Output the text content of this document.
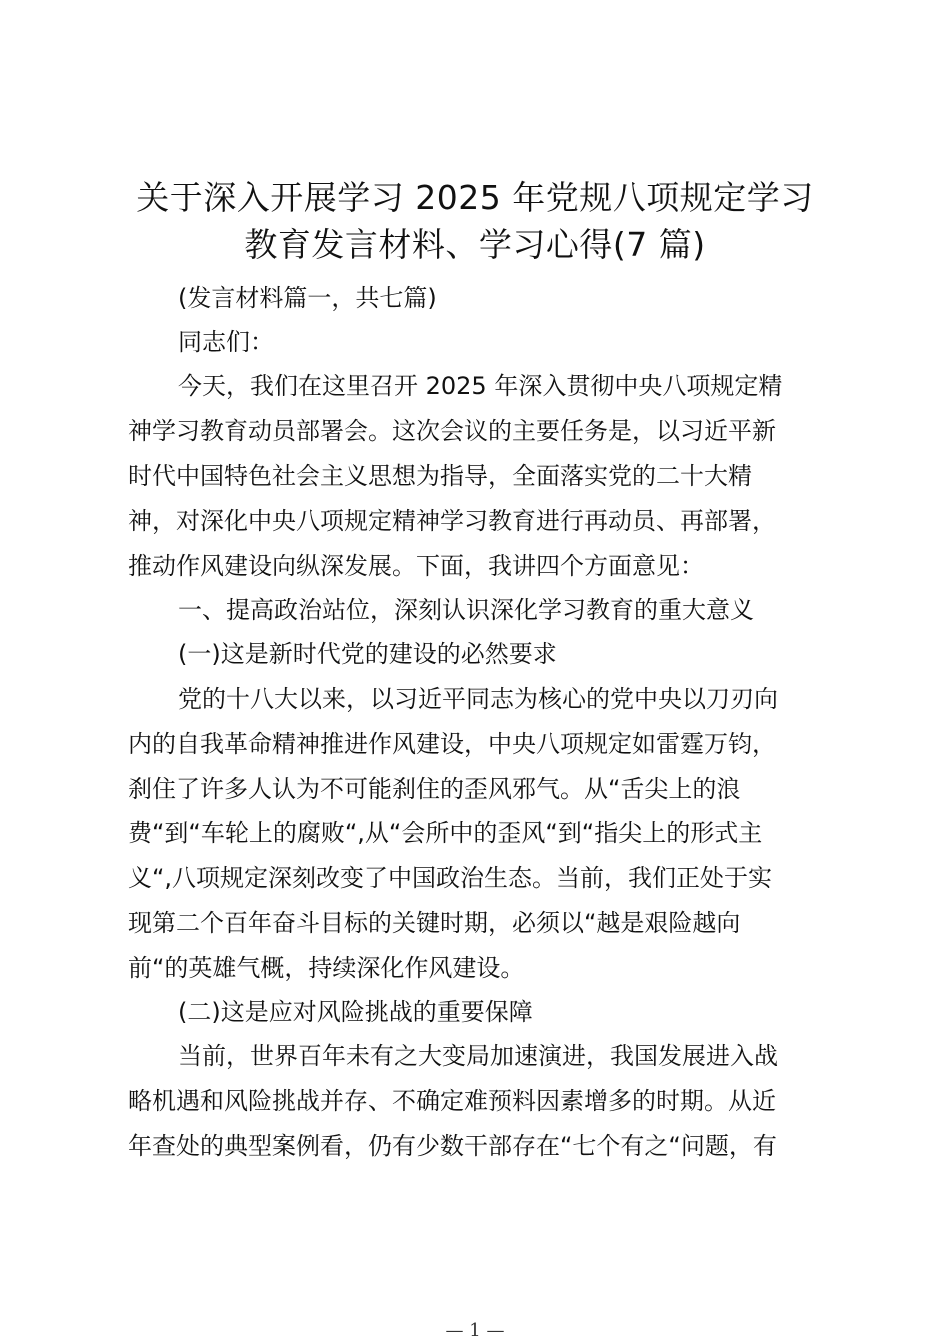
关于深入开展学习 2025 年党规八项规定学习
教育发言材料、学习心得(7 篇)
(发言材料篇一，共七篇)
同志们：
今天，我们在这里召开 2025 年深入贯彻中央八项规定精
神学习教育动员部署会。这次会议的主要任务是，以习近平新
时代中国特色社会主义思想为指导，全面落实党的二十大精
神，对深化中央八项规定精神学习教育进行再动员、再部署，
推动作风建设向纵深发展。下面，我讲四个方面意见：
一、提高政治站位，深刻认识深化学习教育的重大意义
(一)这是新时代党的建设的必然要求
党的十八大以来，以习近平同志为核心的党中央以刀刃向
内的自我革命精神推进作风建设，中央八项规定如雷霆万钧，
刹住了许多人认为不可能刹住的歪风邪气。从“舌尖上的浪
费“到“车轮上的腐败“,从“会所中的歪风“到“指尖上的形式主
义“,八项规定深刻改变了中国政治生态。当前，我们正处于实
现第二个百年奋斗目标的关键时期，必须以“越是艰险越向
前“的英雄气概，持续深化作风建设。
(二)这是应对风险挑战的重要保障
当前，世界百年未有之大变局加速演进，我国发展进入战
略机遇和风险挑战并存、不确定难预料因素增多的时期。从近
年查处的典型案例看，仍有少数干部存在“七个有之“问题，有
— 1 —
